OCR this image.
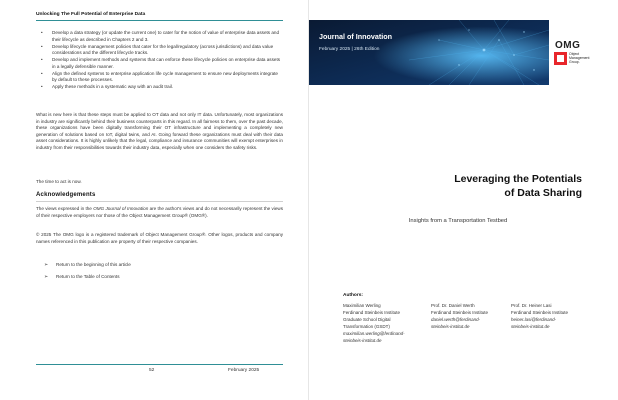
Unlocking The Full Potential of Enterprise Data
• Develop a data strategy (or update the current one) to cater for the notion of value of enterprise data assets and their lifecycle as described in Chapters 2 and 3.
• Develop lifecycle management policies that cater for the legal/regulatory (across jurisdictions) and data value considerations and the different lifecycle tracks.
• Develop and implement methods and systems that can enforce these lifecycle policies on enterprise data assets in a legally defensible manner.
• Align the defined systems to enterprise application life cycle management to ensure new deployments integrate by default to these processes.
• Apply these methods in a systematic way with an audit trail.

What is new here is that these steps must be applied to OT data and not only IT data. Unfortunately, most organizations in industry are significantly behind their business counterparts in this regard. In all fairness to them, over the past decade, these organizations have been digitally transforming their OT infrastructure and implementing a completely new generation of solutions based on IoT, digital twins, and AI. Going forward these organizations must deal with their data asset considerations. It is highly unlikely that the legal, compliance and insurance communities will exempt enterprises in industry from their responsibilities towards their industry data, especially when one considers the safety risks.

The time to act is now.

Acknowledgements

The views expressed in the OMG Journal of Innovation are the author's views and do not necessarily represent the views of their respective employers nor those of the Object Management Group® (OMG®).

© 2025 The OMG logo is a registered trademark of Object Management Group®. Other logos, products and company names referenced in this publication are property of their respective companies.

➢ Return to the beginning of this article
➢ Return to the Table of Contents
52	February 2025
Journal of Innovation
February 2025 | 26th Edition	OMG
Object
Management
Group.
Leveraging the Potentials
of Data Sharing
Insights from a Transportation Testbed
Authors:
Maximilian Werling
Ferdinand Steinbeis Institute
Graduate School Digital
Transformation (GSDT)
maximilian.werling@ferdinand-
steinbeis-institut.de
Prof. Dr. Daniel Werth
Ferdinand Steinbeis Institute
daniel.werth@ferdinand-
steinbeis-institut.de
Prof. Dr. Heiner Lasi
Ferdinand Steinbeis Institute
heiner.lasi@ferdinand-
steinbeis-institut.de
